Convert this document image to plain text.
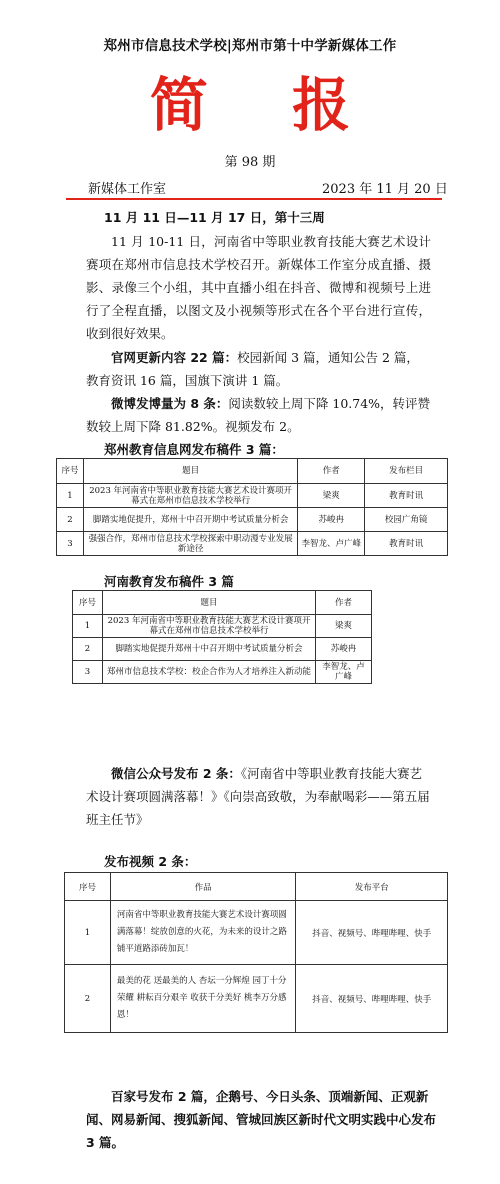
郑州市信息技术学校|郑州市第十中学新媒体工作
简 报
第 98 期
新媒体工作室	2023 年 11 月 20 日
11 月 11 日—11 月 17 日，第十三周

11 月 10-11 日，河南省中等职业教育技能大赛艺术设计赛项在郑州市信息技术学校召开。新媒体工作室分成直播、摄影、录像三个小组，其中直播小组在抖音、微博和视频号上进行了全程直播，以图文及小视频等形式在各个平台进行宣传，收到很好效果。

官网更新内容 22 篇：校园新闻 3 篇，通知公告 2 篇，教育资讯 16 篇，国旗下演讲 1 篇。

微博发博量为 8 条：阅读数较上周下降 10.74%，转评赞数较上周下降 81.82%。视频发布 2。

郑州教育信息网发布稿件 3 篇：
序号	题目	作者	发布栏目
1	2023 年河南省中等职业教育技能大赛艺术设计赛项开幕式在郑州市信息技术学校举行	梁爽	教育时讯
2	脚踏实地促提升，郑州十中召开期中考试质量分析会	苏峻冉	校园广角镜
3	强强合作，郑州市信息技术学校探索中职动漫专业发展新途径	李智龙、卢广峰	教育时讯
河南教育发布稿件 3 篇
序号	题目	作者
1	2023 年河南省中等职业教育技能大赛艺术设计赛项开幕式在郑州市信息技术学校举行	梁爽
2	脚踏实地促提升郑州十中召开期中考试质量分析会	苏峻冉
3	郑州市信息技术学校：校企合作为人才培养注入新动能	李智龙、卢广峰

微信公众号发布 2 条：《河南省中等职业教育技能大赛艺术设计赛项圆满落幕！》《向崇高致敬，为奉献喝彩——第五届班主任节》

发布视频 2 条：
序号	作品	发布平台
1	河南省中等职业教育技能大赛艺术设计赛项圆满落幕！绽放创意的火花，为未来的设计之路铺平道路添砖加瓦！	抖音、视频号、哔哩哔哩、快手
2	最美的花 送最美的人 杏坛一分辉煌 园丁十分荣耀 耕耘百分艰辛 收获千分美好 桃李万分感恩！	抖音、视频号、哔哩哔哩、快手

百家号发布 2 篇，企鹅号、今日头条、顶端新闻、正观新闻、网易新闻、搜狐新闻、管城回族区新时代文明实践中心发布 3 篇。
